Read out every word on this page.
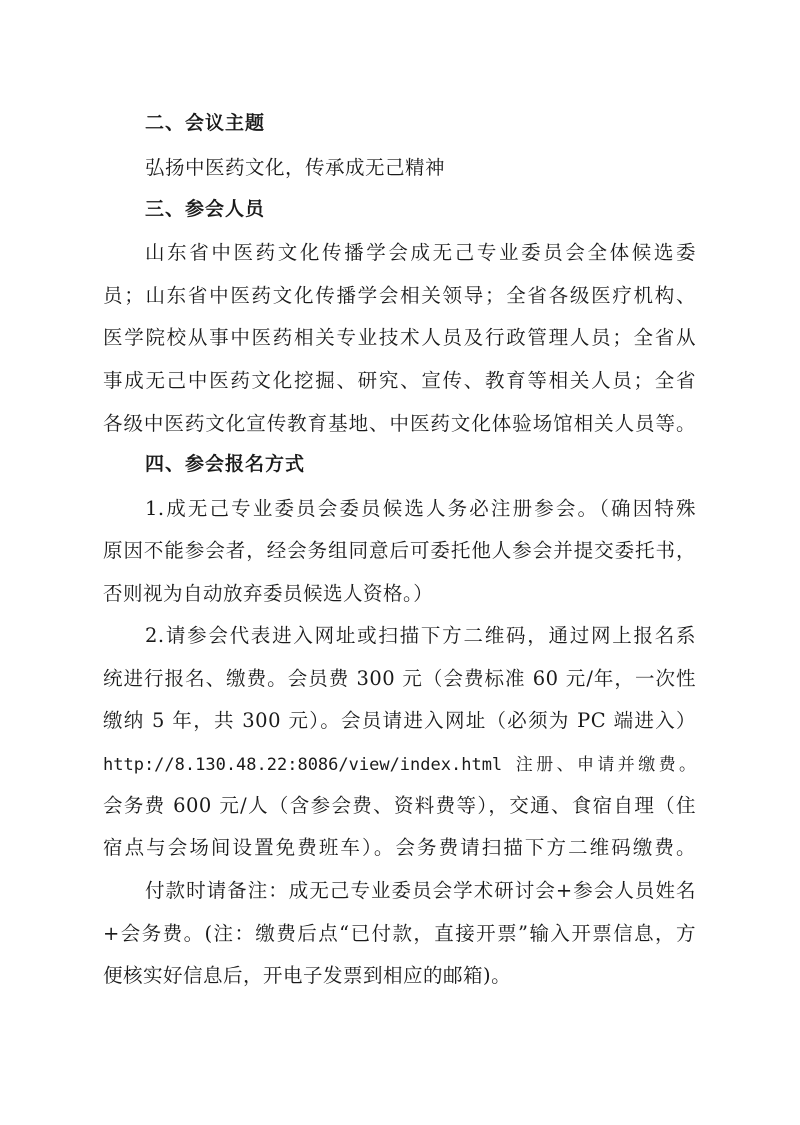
二、会议主题
弘扬中医药文化，传承成无己精神
三、参会人员
山东省中医药文化传播学会成无己专业委员会全体候选委
员；山东省中医药文化传播学会相关领导；全省各级医疗机构、
医学院校从事中医药相关专业技术人员及行政管理人员；全省从
事成无己中医药文化挖掘、研究、宣传、教育等相关人员；全省
各级中医药文化宣传教育基地、中医药文化体验场馆相关人员等。
四、参会报名方式
1.成无己专业委员会委员候选人务必注册参会。（确因特殊
原因不能参会者，经会务组同意后可委托他人参会并提交委托书，
否则视为自动放弃委员候选人资格。）
2.请参会代表进入网址或扫描下方二维码，通过网上报名系
统进行报名、缴费。会员费 300 元（会费标准 60 元/年，一次性
缴纳 5 年，共 300 元）。会员请进入网址（必须为 PC 端进入）
http://8.130.48.22:8086/view/index.html 注册、申请并缴费。
会务费 600 元/人（含参会费、资料费等），交通、食宿自理（住
宿点与会场间设置免费班车）。会务费请扫描下方二维码缴费。
付款时请备注：成无己专业委员会学术研讨会+参会人员姓名
+会务费。(注：缴费后点“已付款，直接开票”输入开票信息，方
便核实好信息后，开电子发票到相应的邮箱)。
